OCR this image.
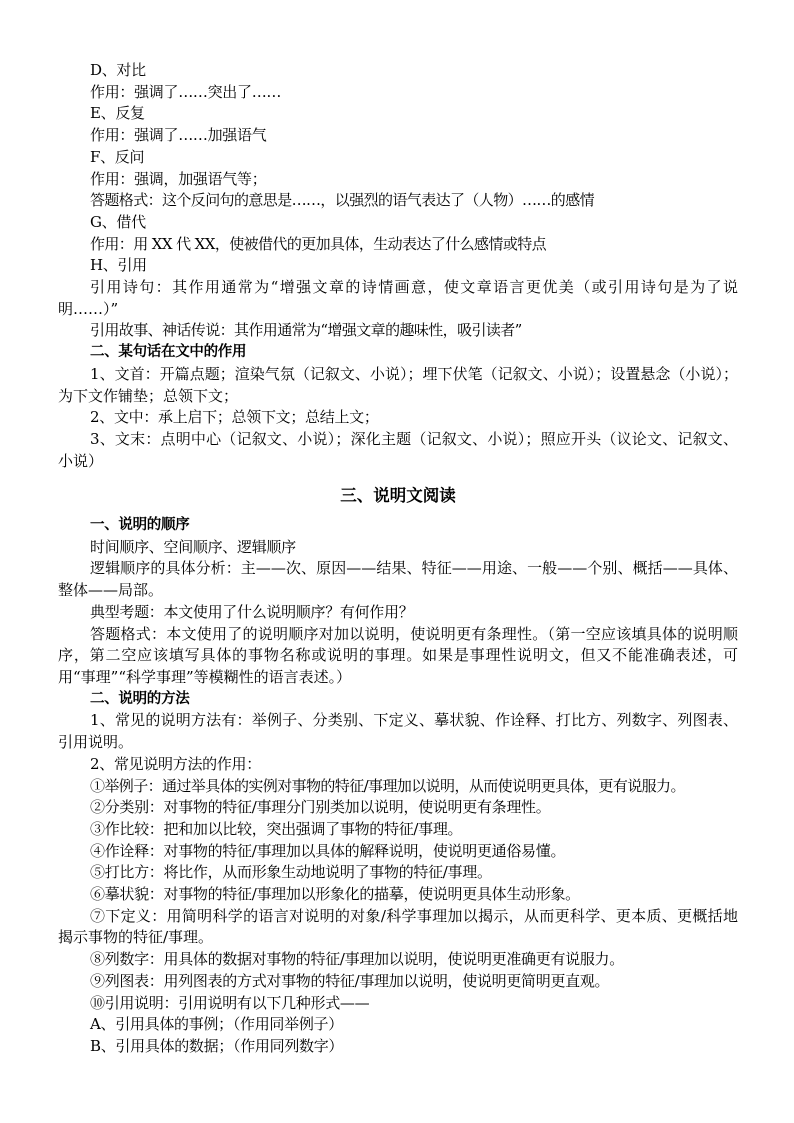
D、对比

作用：强调了……突出了……

E、反复

作用：强调了……加强语气

F、反问

作用：强调，加强语气等；

答题格式：这个反问句的意思是……，以强烈的语气表达了（人物）……的感情

G、借代

作用：用 XX 代 XX，使被借代的更加具体，生动表达了什么感情或特点

H、引用

引用诗句：其作用通常为“增强文章的诗情画意，使文章语言更优美（或引用诗句是为了说明……）”

引用故事、神话传说：其作用通常为“增强文章的趣味性，吸引读者”

二、某句话在文中的作用

1、文首：开篇点题；渲染气氛（记叙文、小说）；埋下伏笔（记叙文、小说）；设置悬念（小说）；为下文作铺垫；总领下文；

2、文中：承上启下；总领下文；总结上文；

3、文末：点明中心（记叙文、小说）；深化主题（记叙文、小说）；照应开头（议论文、记叙文、小说）

三、说明文阅读

一、说明的顺序

时间顺序、空间顺序、逻辑顺序

逻辑顺序的具体分析：主——次、原因——结果、特征——用途、一般——个别、概括——具体、整体——局部。

典型考题：本文使用了什么说明顺序？有何作用？

答题格式：本文使用了的说明顺序对加以说明，使说明更有条理性。（第一空应该填具体的说明顺序，第二空应该填写具体的事物名称或说明的事理。如果是事理性说明文，但又不能准确表述，可用“事理”“科学事理”等模糊性的语言表述。）

二、说明的方法

1、常见的说明方法有：举例子、分类别、下定义、摹状貌、作诠释、打比方、列数字、列图表、引用说明。

2、常见说明方法的作用：

①举例子：通过举具体的实例对事物的特征/事理加以说明，从而使说明更具体，更有说服力。

②分类别：对事物的特征/事理分门别类加以说明，使说明更有条理性。

③作比较：把和加以比较，突出强调了事物的特征/事理。

④作诠释：对事物的特征/事理加以具体的解释说明，使说明更通俗易懂。

⑤打比方：将比作，从而形象生动地说明了事物的特征/事理。

⑥摹状貌：对事物的特征/事理加以形象化的描摹，使说明更具体生动形象。

⑦下定义：用简明科学的语言对说明的对象/科学事理加以揭示，从而更科学、更本质、更概括地揭示事物的特征/事理。

⑧列数字：用具体的数据对事物的特征/事理加以说明，使说明更准确更有说服力。

⑨列图表：用列图表的方式对事物的特征/事理加以说明，使说明更简明更直观。

⑩引用说明：引用说明有以下几种形式——

A、引用具体的事例；（作用同举例子）

B、引用具体的数据；（作用同列数字）
